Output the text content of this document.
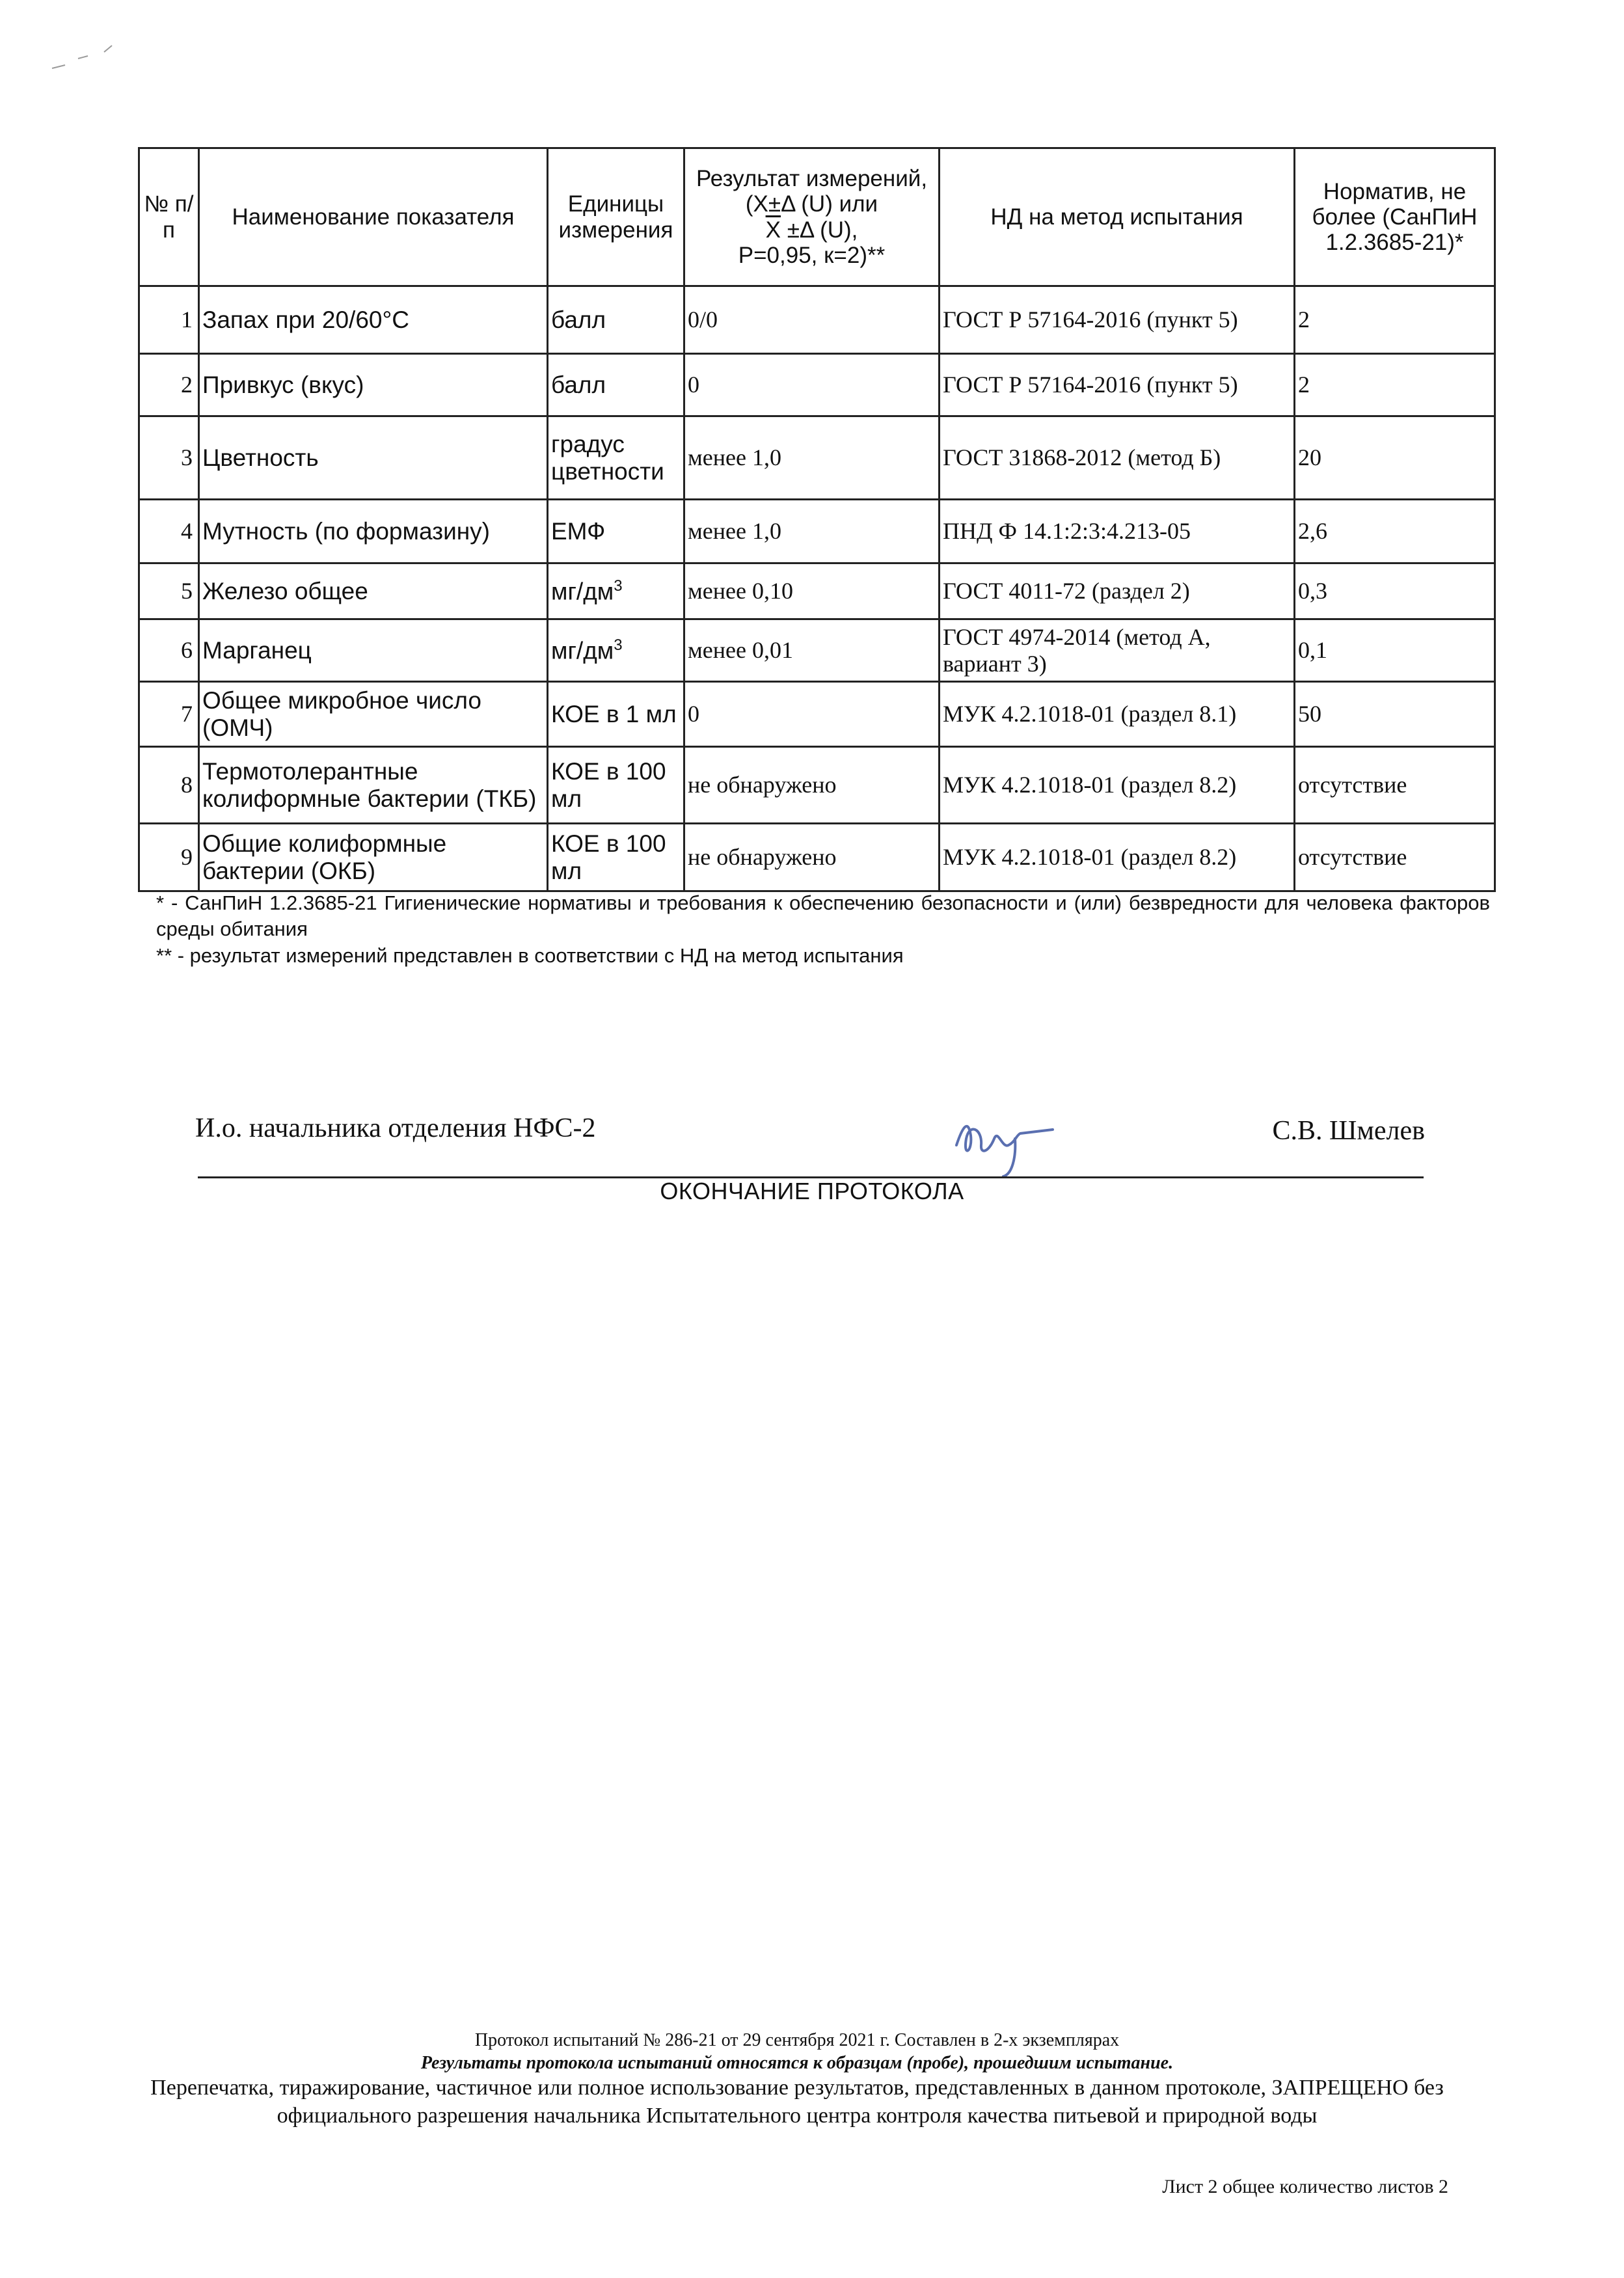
№ п/п	Наименование показателя	Единицы измерения	Результат измерений,
(Х±Δ (U) или
$\overline{X} \pm\Delta$ (U),
Р=0,95, к=2)**	НД на метод испытания	Норматив, не более (СанПиН 1.2.3685-21)*
1	Запах при 20/60°С	балл	0/0	ГОСТ Р 57164-2016 (пункт 5)	2
2	Привкус (вкус)	балл	0	ГОСТ Р 57164-2016 (пункт 5)	2
3	Цветность	градус цветности	менее 1,0	ГОСТ 31868-2012 (метод Б)	20
4	Мутность (по формазину)	ЕМФ	менее 1,0	ПНД Ф 14.1:2:3:4.213-05	2,6
5	Железо общее	$мг/дм^3$	менее 0,10	ГОСТ 4011-72 (раздел 2)	0,3
6	Марганец	$мг/дм^3$	менее 0,01	ГОСТ 4974-2014 (метод А, вариант 3)	0,1
7	Общее микробное число (ОМЧ)	КОЕ в 1 мл	0	МУК 4.2.1018-01 (раздел 8.1)	50
8	Термотолерантные колиформные бактерии (ТКБ)	КОЕ в 100 мл	не обнаружено	МУК 4.2.1018-01 (раздел 8.2)	отсутствие
9	Общие колиформные бактерии (ОКБ)	КОЕ в 100 мл	не обнаружено	МУК 4.2.1018-01 (раздел 8.2)	отсутствие

* - СанПиН 1.2.3685-21 Гигиенические нормативы и требования к обеспечению безопасности и (или) безвредности для человека факторов среды обитания

** - результат измерений представлен в соответствии с НД на метод испытания

И.о. начальника отделения НФС-2	С.В. Шмелев
ОКОНЧАНИЕ ПРОТОКОЛА
Протокол испытаний № 286-21 от 29 сентября 2021 г. Составлен в 2-х экземплярах
Результаты протокола испытаний относятся к образцам (пробе), прошедшим испытание.
Перепечатка, тиражирование, частичное или полное использование результатов, представленных в данном протоколе, ЗАПРЕЩЕНО без официального разрешения начальника Испытательного центра контроля качества питьевой и природной воды
Лист 2 общее количество листов 2
